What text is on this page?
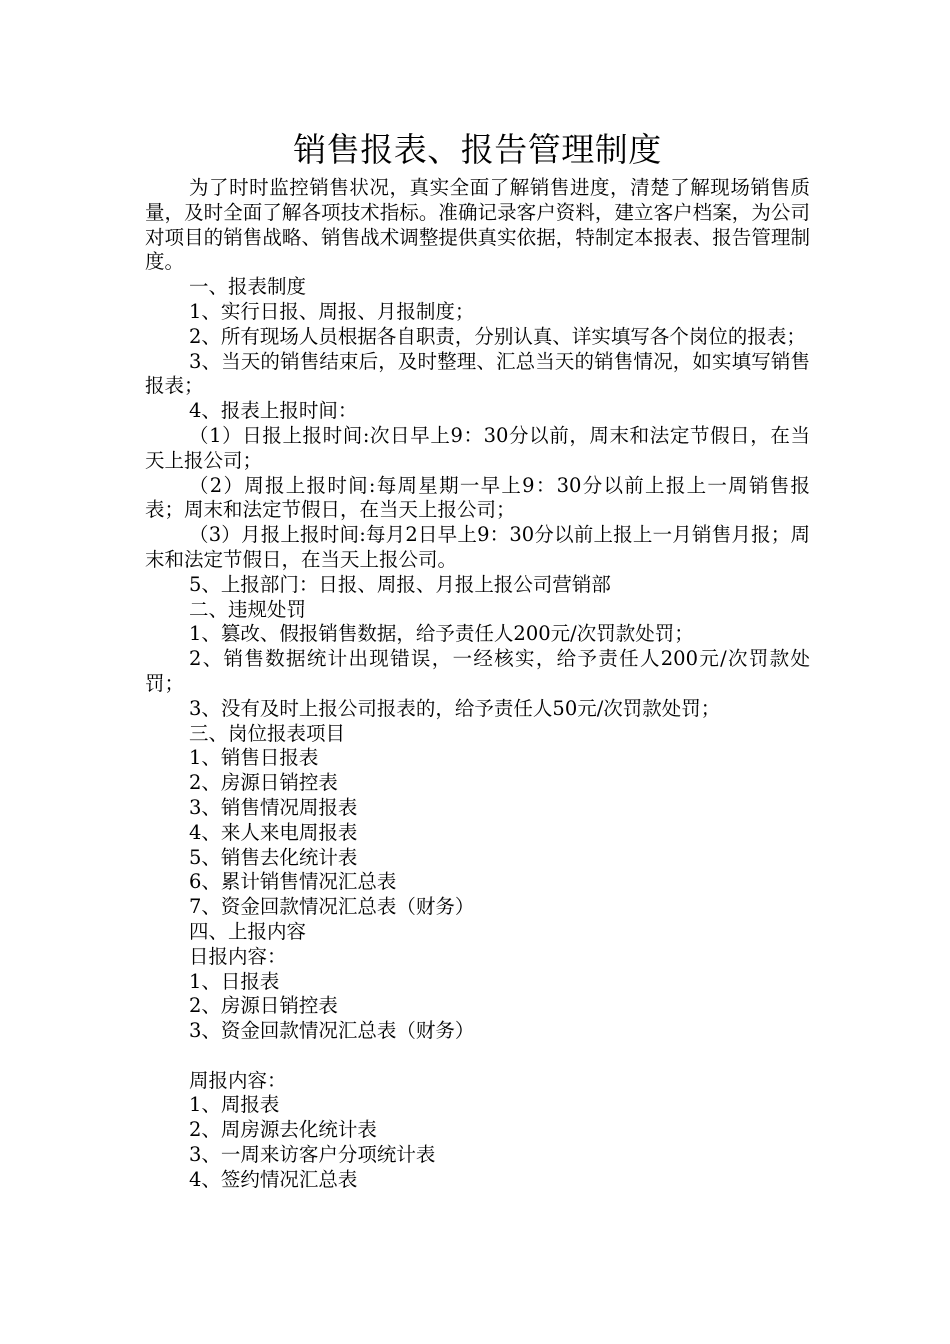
销售报表、报告管理制度

为了时时监控销售状况，真实全面了解销售进度，清楚了解现场销售质量，及时全面了解各项技术指标。准确记录客户资料，建立客户档案，为公司对项目的销售战略、销售战术调整提供真实依据，特制定本报表、报告管理制度。

一、报表制度

1、实行日报、周报、月报制度；

2、所有现场人员根据各自职责，分别认真、详实填写各个岗位的报表；

3、当天的销售结束后，及时整理、汇总当天的销售情况，如实填写销售报表；

4、报表上报时间：

（1）日报上报时间:次日早上9：30分以前，周末和法定节假日，在当天上报公司；

（2）周报上报时间:每周星期一早上9：30分以前上报上一周销售报表；周末和法定节假日，在当天上报公司；

（3）月报上报时间:每月2日早上9：30分以前上报上一月销售月报；周末和法定节假日，在当天上报公司。

5、上报部门：日报、周报、月报上报公司营销部

二、违规处罚

1、篡改、假报销售数据，给予责任人200元/次罚款处罚；

2、销售数据统计出现错误，一经核实，给予责任人200元/次罚款处罚；

3、没有及时上报公司报表的，给予责任人50元/次罚款处罚；

三、岗位报表项目

1、销售日报表

2、房源日销控表

3、销售情况周报表

4、来人来电周报表

5、销售去化统计表

6、累计销售情况汇总表

7、资金回款情况汇总表（财务）

四、上报内容

日报内容：

1、日报表

2、房源日销控表

3、资金回款情况汇总表（财务）

周报内容：

1、周报表

2、周房源去化统计表

3、一周来访客户分项统计表

4、签约情况汇总表
